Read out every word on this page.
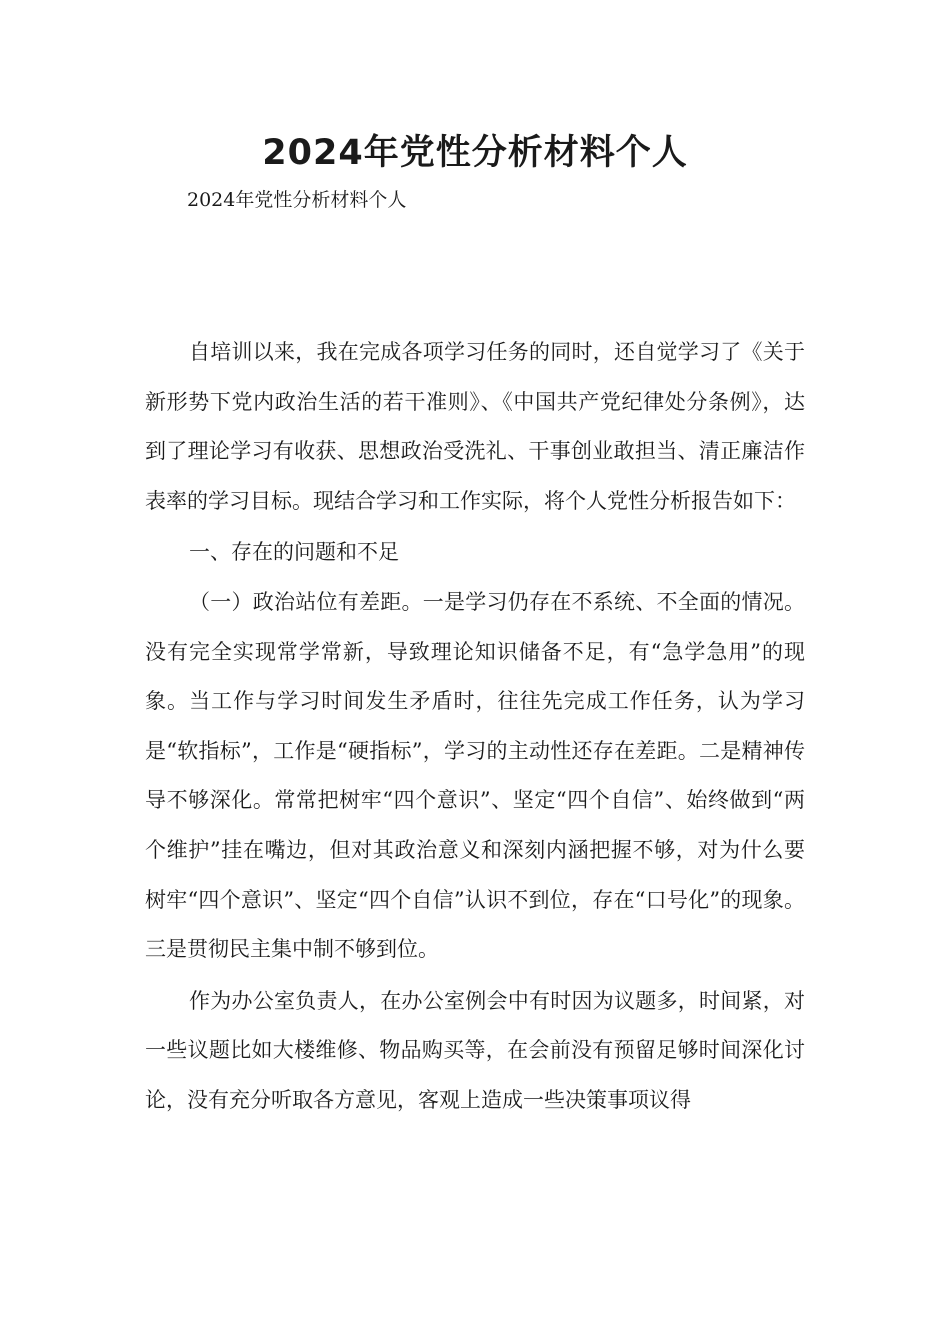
2024年党性分析材料个人
2024年党性分析材料个人

自培训以来，我在完成各项学习任务的同时，还自觉学习了《关于新形势下党内政治生活的若干准则》、《中国共产党纪律处分条例》，达到了理论学习有收获、思想政治受洗礼、干事创业敢担当、清正廉洁作表率的学习目标。现结合学习和工作实际，将个人党性分析报告如下：

一、存在的问题和不足

（一）政治站位有差距。一是学习仍存在不系统、不全面的情况。没有完全实现常学常新，导致理论知识储备不足，有“急学急用”的现象。当工作与学习时间发生矛盾时，往往先完成工作任务，认为学习是“软指标”，工作是“硬指标”，学习的主动性还存在差距。二是精神传导不够深化。常常把树牢“四个意识”、坚定“四个自信”、始终做到“两个维护”挂在嘴边，但对其政治意义和深刻内涵把握不够，对为什么要树牢“四个意识”、坚定“四个自信”认识不到位，存在“口号化”的现象。三是贯彻民主集中制不够到位。

作为办公室负责人，在办公室例会中有时因为议题多，时间紧，对一些议题比如大楼维修、物品购买等，在会前没有预留足够时间深化讨论，没有充分听取各方意见，客观上造成一些决策事项议得
